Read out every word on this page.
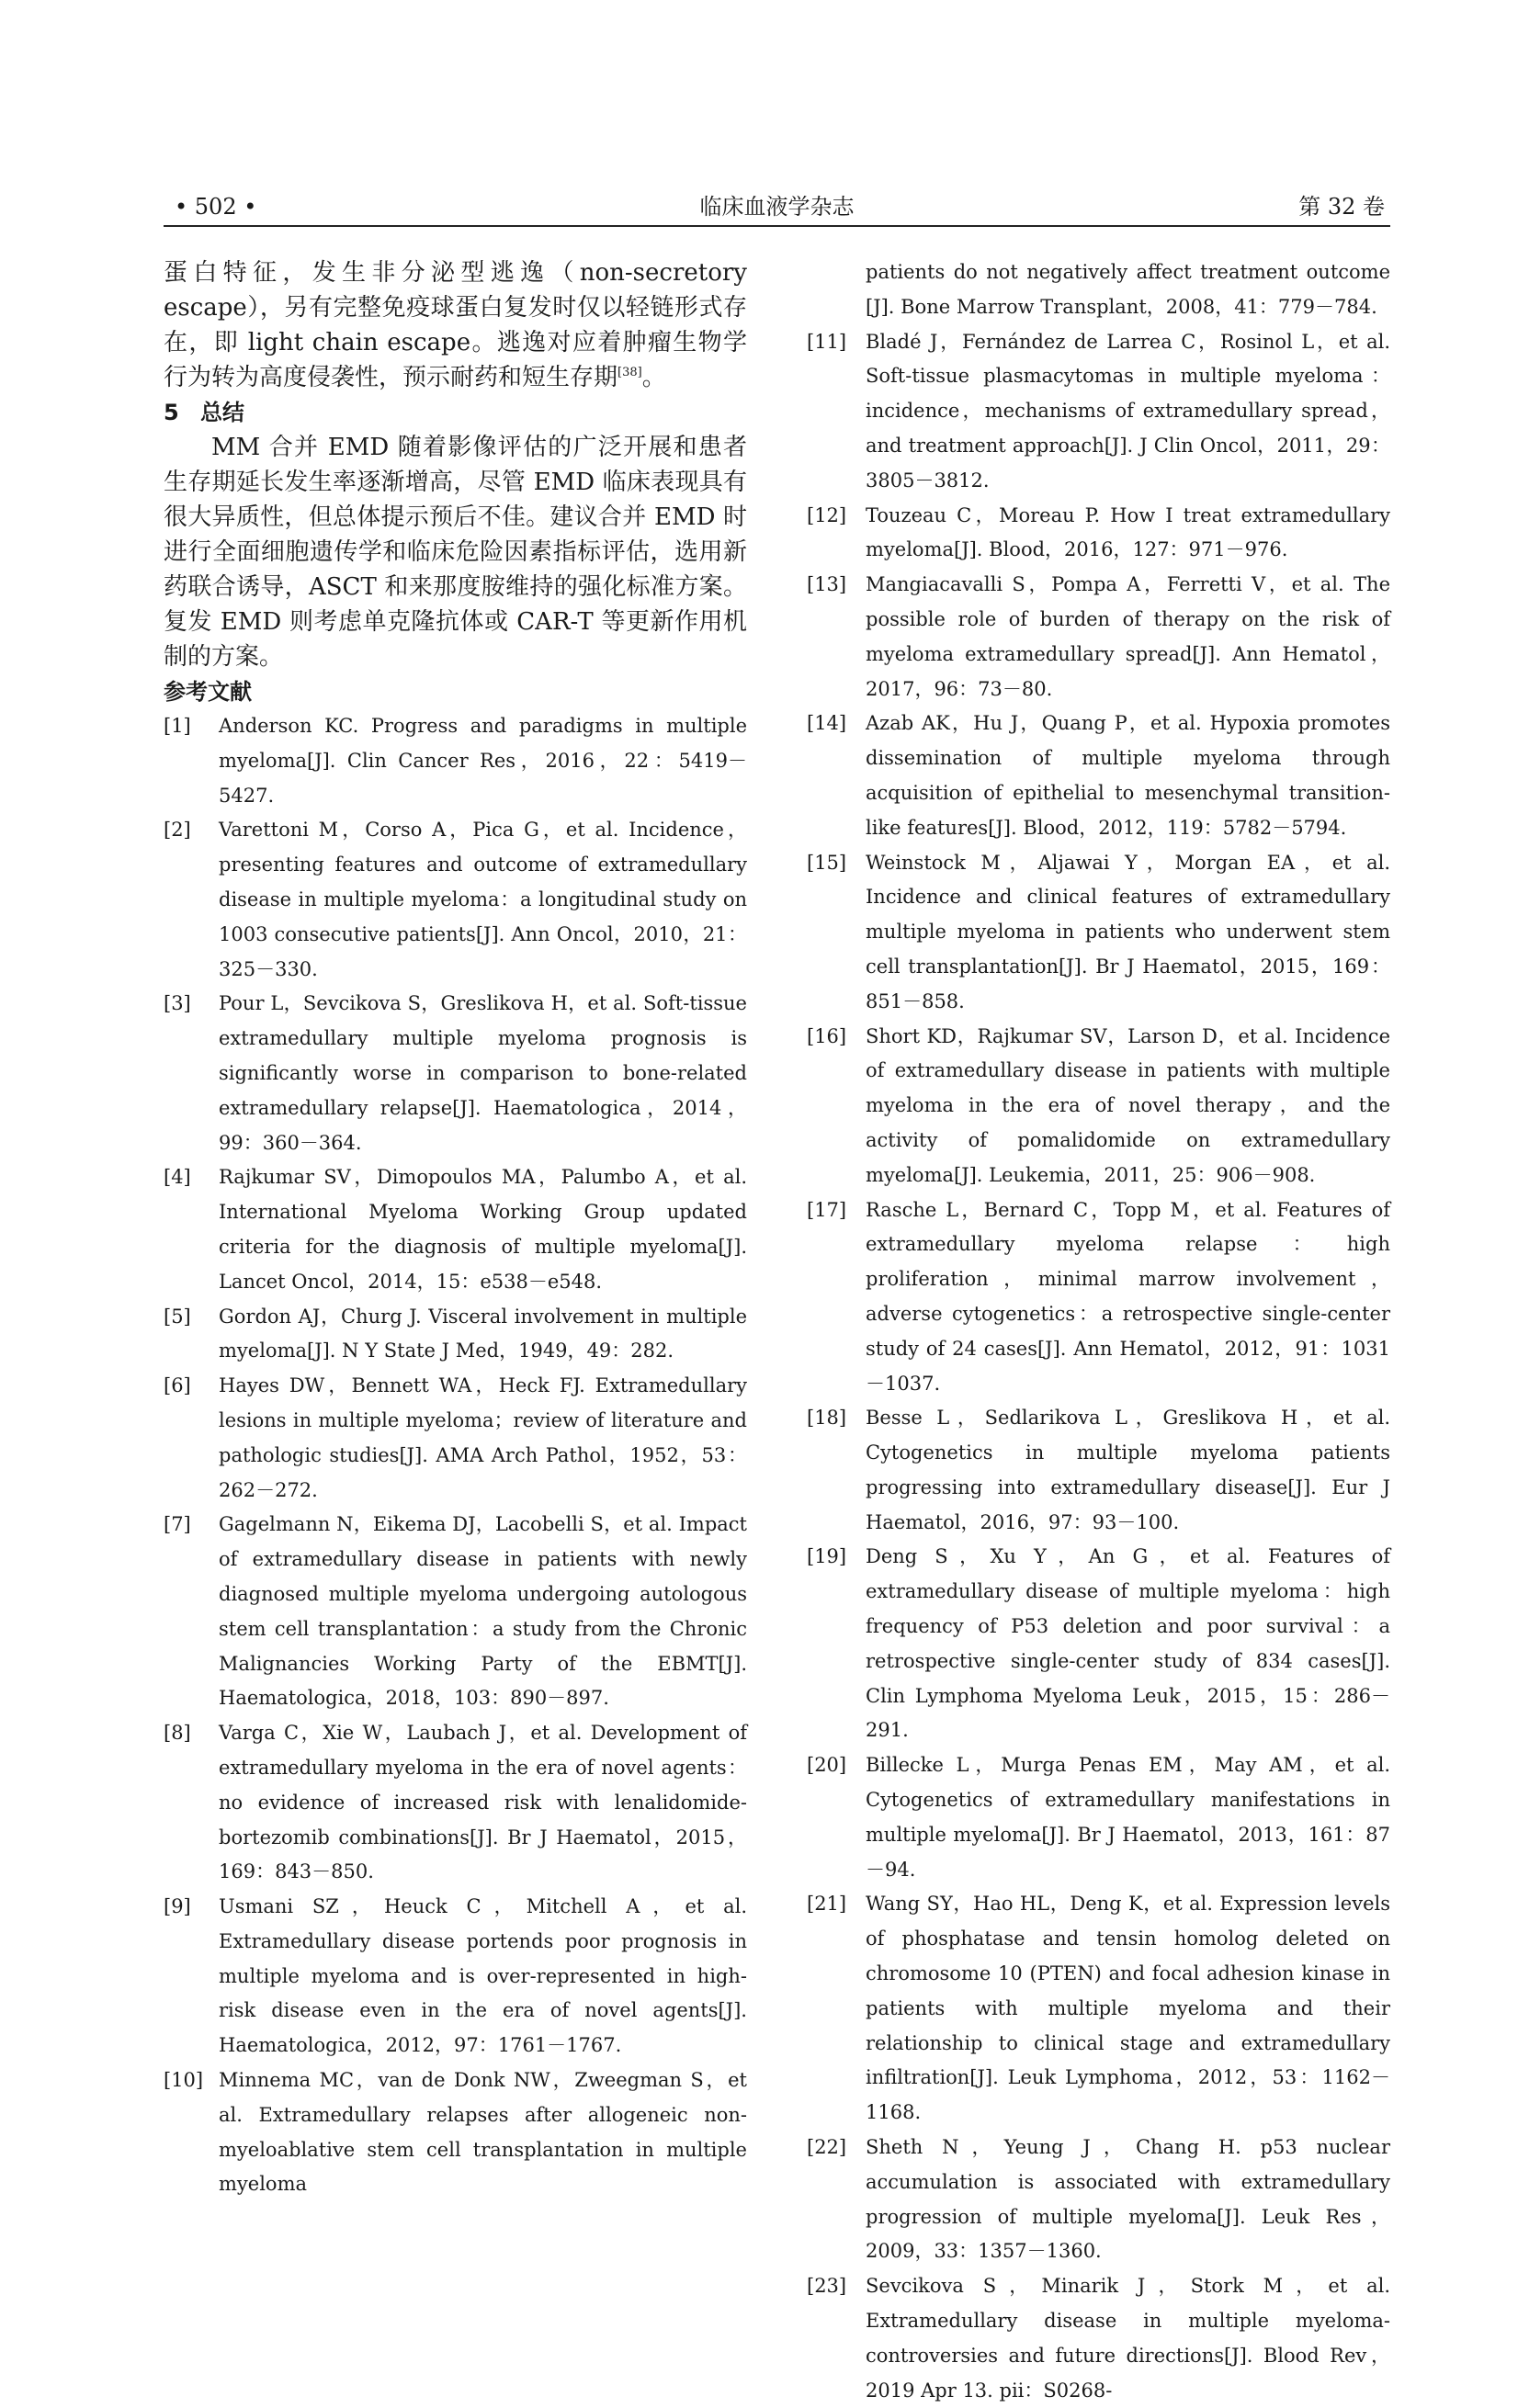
• 502 •	临床血液学杂志	第 32 卷

蛋白特征，发生非分泌型逃逸（non-secretory escape），另有完整免疫球蛋白复发时仅以轻链形式存在，即 light chain escape。逃逸对应着肿瘤生物学行为转为高度侵袭性，预示耐药和短生存期[38]。

5 总结

MM 合并 EMD 随着影像评估的广泛开展和患者生存期延长发生率逐渐增高，尽管 EMD 临床表现具有很大异质性，但总体提示预后不佳。建议合并 EMD 时进行全面细胞遗传学和临床危险因素指标评估，选用新药联合诱导，ASCT 和来那度胺维持的强化标准方案。复发 EMD 则考虑单克隆抗体或 CAR-T 等更新作用机制的方案。

参考文献

[1]	Anderson KC. Progress and paradigms in multiple myeloma[J]. Clin Cancer Res，2016，22：5419－5427.
[2]	Varettoni M，Corso A，Pica G，et al. Incidence，presenting features and outcome of extramedullary disease in multiple myeloma：a longitudinal study on 1003 consecutive patients[J]. Ann Oncol，2010，21：325－330.
[3]	Pour L，Sevcikova S，Greslikova H，et al. Soft-tissue extramedullary multiple myeloma prognosis is significantly worse in comparison to bone-related extramedullary relapse[J]. Haematologica，2014，99：360－364.
[4]	Rajkumar SV，Dimopoulos MA，Palumbo A，et al. International Myeloma Working Group updated criteria for the diagnosis of multiple myeloma[J]. Lancet Oncol，2014，15：e538－e548.
[5]	Gordon AJ，Churg J. Visceral involvement in multiple myeloma[J]. N Y State J Med，1949，49：282.
[6]	Hayes DW，Bennett WA，Heck FJ. Extramedullary lesions in multiple myeloma；review of literature and pathologic studies[J]. AMA Arch Pathol，1952，53：262－272.
[7]	Gagelmann N，Eikema DJ，Lacobelli S，et al. Impact of extramedullary disease in patients with newly diagnosed multiple myeloma undergoing autologous stem cell transplantation：a study from the Chronic Malignancies Working Party of the EBMT[J]. Haematologica，2018，103：890－897.
[8]	Varga C，Xie W，Laubach J，et al. Development of extramedullary myeloma in the era of novel agents：no evidence of increased risk with lenalidomide-bortezomib combinations[J]. Br J Haematol，2015，169：843－850.
[9]	Usmani SZ，Heuck C，Mitchell A，et al. Extramedullary disease portends poor prognosis in multiple myeloma and is over-represented in high-risk disease even in the era of novel agents[J]. Haematologica，2012，97：1761－1767.
[10] Minnema MC，van de Donk NW，Zweegman S，et al. Extramedullary relapses after allogeneic non-myeloablative stem cell transplantation in multiple myeloma
patients do not negatively affect treatment outcome [J]. Bone Marrow Transplant，2008，41：779－784.
[11] Bladé J，Fernández de Larrea C，Rosinol L，et al. Soft-tissue plasmacytomas in multiple myeloma：incidence，mechanisms of extramedullary spread，and treatment approach[J]. J Clin Oncol，2011，29：3805－3812.
[12] Touzeau C，Moreau P. How I treat extramedullary myeloma[J]. Blood，2016，127：971－976.
[13] Mangiacavalli S，Pompa A，Ferretti V，et al. The possible role of burden of therapy on the risk of myeloma extramedullary spread[J]. Ann Hematol，2017，96：73－80.
[14] Azab AK，Hu J，Quang P，et al. Hypoxia promotes dissemination of multiple myeloma through acquisition of epithelial to mesenchymal transition-like features[J]. Blood，2012，119：5782－5794.
[15] Weinstock M，Aljawai Y，Morgan EA，et al. Incidence and clinical features of extramedullary multiple myeloma in patients who underwent stem cell transplantation[J]. Br J Haematol，2015，169：851－858.
[16] Short KD，Rajkumar SV，Larson D，et al. Incidence of extramedullary disease in patients with multiple myeloma in the era of novel therapy，and the activity of pomalidomide on extramedullary myeloma[J]. Leukemia，2011，25：906－908.
[17] Rasche L，Bernard C，Topp M，et al. Features of extramedullary myeloma relapse：high proliferation，minimal marrow involvement，adverse cytogenetics：a retrospective single-center study of 24 cases[J]. Ann Hematol，2012，91：1031－1037.
[18] Besse L，Sedlarikova L，Greslikova H，et al. Cytogenetics in multiple myeloma patients progressing into extramedullary disease[J]. Eur J Haematol，2016，97：93－100.
[19] Deng S，Xu Y，An G，et al. Features of extramedullary disease of multiple myeloma：high frequency of P53 deletion and poor survival：a retrospective single-center study of 834 cases[J]. Clin Lymphoma Myeloma Leuk，2015，15：286－291.
[20] Billecke L，Murga Penas EM，May AM，et al. Cytogenetics of extramedullary manifestations in multiple myeloma[J]. Br J Haematol，2013，161：87－94.
[21] Wang SY，Hao HL，Deng K，et al. Expression levels of phosphatase and tensin homolog deleted on chromosome 10 (PTEN) and focal adhesion kinase in patients with multiple myeloma and their relationship to clinical stage and extramedullary infiltration[J]. Leuk Lymphoma，2012，53：1162－1168.
[22] Sheth N，Yeung J，Chang H. p53 nuclear accumulation is associated with extramedullary progression of multiple myeloma[J]. Leuk Res，2009，33：1357－1360.
[23] Sevcikova S，Minarik J，Stork M，et al. Extramedullary disease in multiple myeloma-controversies and future directions[J]. Blood Rev，2019 Apr 13. pii：S0268-
